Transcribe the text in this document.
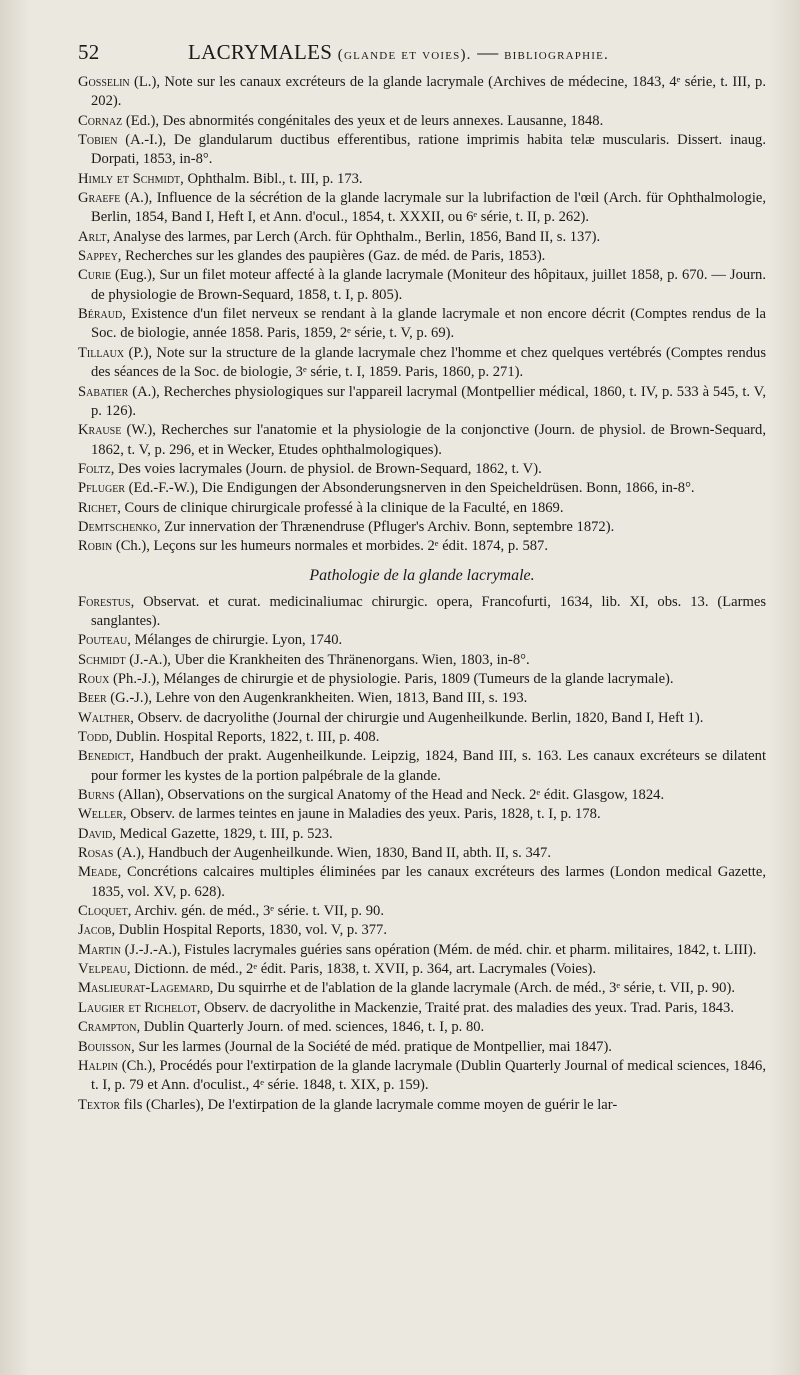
52	LACRYMALES (glande et voies). — bibliographie.

Gosselin (L.), Note sur les canaux excréteurs de la glande lacrymale (Archives de médecine, 1843, 4ᵉ série, t. III, p. 202).

Cornaz (Ed.), Des abnormités congénitales des yeux et de leurs annexes. Lausanne, 1848.

Tobien (A.-I.), De glandularum ductibus efferentibus, ratione imprimis habita telæ muscularis. Dissert. inaug. Dorpati, 1853, in-8°.

Himly et Schmidt, Ophthalm. Bibl., t. III, p. 173.

Graefe (A.), Influence de la sécrétion de la glande lacrymale sur la lubrifaction de l'œil (Arch. für Ophthalmologie, Berlin, 1854, Band I, Heft I, et Ann. d'ocul., 1854, t. XXXII, ou 6ᵉ série, t. II, p. 262).

Arlt, Analyse des larmes, par Lerch (Arch. für Ophthalm., Berlin, 1856, Band II, s. 137).

Sappey, Recherches sur les glandes des paupières (Gaz. de méd. de Paris, 1853).

Curie (Eug.), Sur un filet moteur affecté à la glande lacrymale (Moniteur des hôpitaux, juillet 1858, p. 670. — Journ. de physiologie de Brown-Sequard, 1858, t. I, p. 805).

Béraud, Existence d'un filet nerveux se rendant à la glande lacrymale et non encore décrit (Comptes rendus de la Soc. de biologie, année 1858. Paris, 1859, 2ᵉ série, t. V, p. 69).

Tillaux (P.), Note sur la structure de la glande lacrymale chez l'homme et chez quelques vertébrés (Comptes rendus des séances de la Soc. de biologie, 3ᵉ série, t. I, 1859. Paris, 1860, p. 271).

Sabatier (A.), Recherches physiologiques sur l'appareil lacrymal (Montpellier médical, 1860, t. IV, p. 533 à 545, t. V, p. 126).

Krause (W.), Recherches sur l'anatomie et la physiologie de la conjonctive (Journ. de physiol. de Brown-Sequard, 1862, t. V, p. 296, et in Wecker, Etudes ophthalmologiques).

Foltz, Des voies lacrymales (Journ. de physiol. de Brown-Sequard, 1862, t. V).

Pfluger (Ed.-F.-W.), Die Endigungen der Absonderungsnerven in den Speicheldrüsen. Bonn, 1866, in-8°.

Richet, Cours de clinique chirurgicale professé à la clinique de la Faculté, en 1869.

Demtschenko, Zur innervation der Thrænendruse (Pfluger's Archiv. Bonn, septembre 1872).

Robin (Ch.), Leçons sur les humeurs normales et morbides. 2ᵉ édit. 1874, p. 587.

Pathologie de la glande lacrymale.

Forestus, Observat. et curat. medicinaliumac chirurgic. opera, Francofurti, 1634, lib. XI, obs. 13. (Larmes sanglantes).

Pouteau, Mélanges de chirurgie. Lyon, 1740.

Schmidt (J.-A.), Uber die Krankheiten des Thränenorgans. Wien, 1803, in-8°.

Roux (Ph.-J.), Mélanges de chirurgie et de physiologie. Paris, 1809 (Tumeurs de la glande lacrymale).

Beer (G.-J.), Lehre von den Augenkrankheiten. Wien, 1813, Band III, s. 193.

Walther, Observ. de dacryolithe (Journal der chirurgie und Augenheilkunde. Berlin, 1820, Band I, Heft 1).

Todd, Dublin. Hospital Reports, 1822, t. III, p. 408.

Benedict, Handbuch der prakt. Augenheilkunde. Leipzig, 1824, Band III, s. 163. Les canaux excréteurs se dilatent pour former les kystes de la portion palpébrale de la glande.

Burns (Allan), Observations on the surgical Anatomy of the Head and Neck. 2ᵉ édit. Glasgow, 1824.

Weller, Observ. de larmes teintes en jaune in Maladies des yeux. Paris, 1828, t. I, p. 178.

David, Medical Gazette, 1829, t. III, p. 523.

Rosas (A.), Handbuch der Augenheilkunde. Wien, 1830, Band II, abth. II, s. 347.

Meade, Concrétions calcaires multiples éliminées par les canaux excréteurs des larmes (London medical Gazette, 1835, vol. XV, p. 628).

Cloquet, Archiv. gén. de méd., 3ᵉ série. t. VII, p. 90.

Jacob, Dublin Hospital Reports, 1830, vol. V, p. 377.

Martin (J.-J.-A.), Fistules lacrymales guéries sans opération (Mém. de méd. chir. et pharm. militaires, 1842, t. LIII).

Velpeau, Dictionn. de méd., 2ᵉ édit. Paris, 1838, t. XVII, p. 364, art. Lacrymales (Voies).

Maslieurat-Lagemard, Du squirrhe et de l'ablation de la glande lacrymale (Arch. de méd., 3ᵉ série, t. VII, p. 90).

Laugier et Richelot, Observ. de dacryolithe in Mackenzie, Traité prat. des maladies des yeux. Trad. Paris, 1843.

Crampton, Dublin Quarterly Journ. of med. sciences, 1846, t. I, p. 80.

Bouisson, Sur les larmes (Journal de la Société de méd. pratique de Montpellier, mai 1847).

Halpin (Ch.), Procédés pour l'extirpation de la glande lacrymale (Dublin Quarterly Journal of medical sciences, 1846, t. I, p. 79 et Ann. d'oculist., 4ᵉ série. 1848, t. XIX, p. 159).

Textor fils (Charles), De l'extirpation de la glande lacrymale comme moyen de guérir le lar-
